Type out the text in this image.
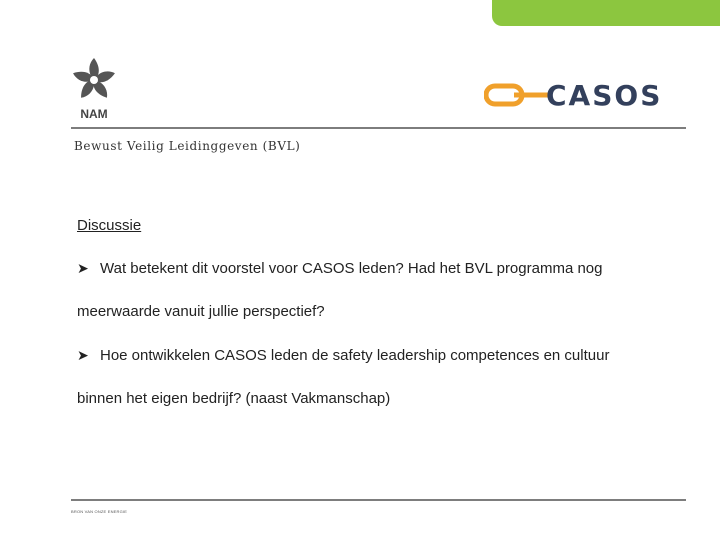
NAM
CASOS
Bewust Veilig Leidinggeven (BVL)
Discussie
➤ Wat betekent dit voorstel voor CASOS leden? Had het BVL programma nog
meerwaarde vanuit jullie perspectief?
➤ Hoe ontwikkelen CASOS leden de safety leadership competences en cultuur
binnen het eigen bedrijf? (naast Vakmanschap)
BRON VAN ONZE ENERGIE
